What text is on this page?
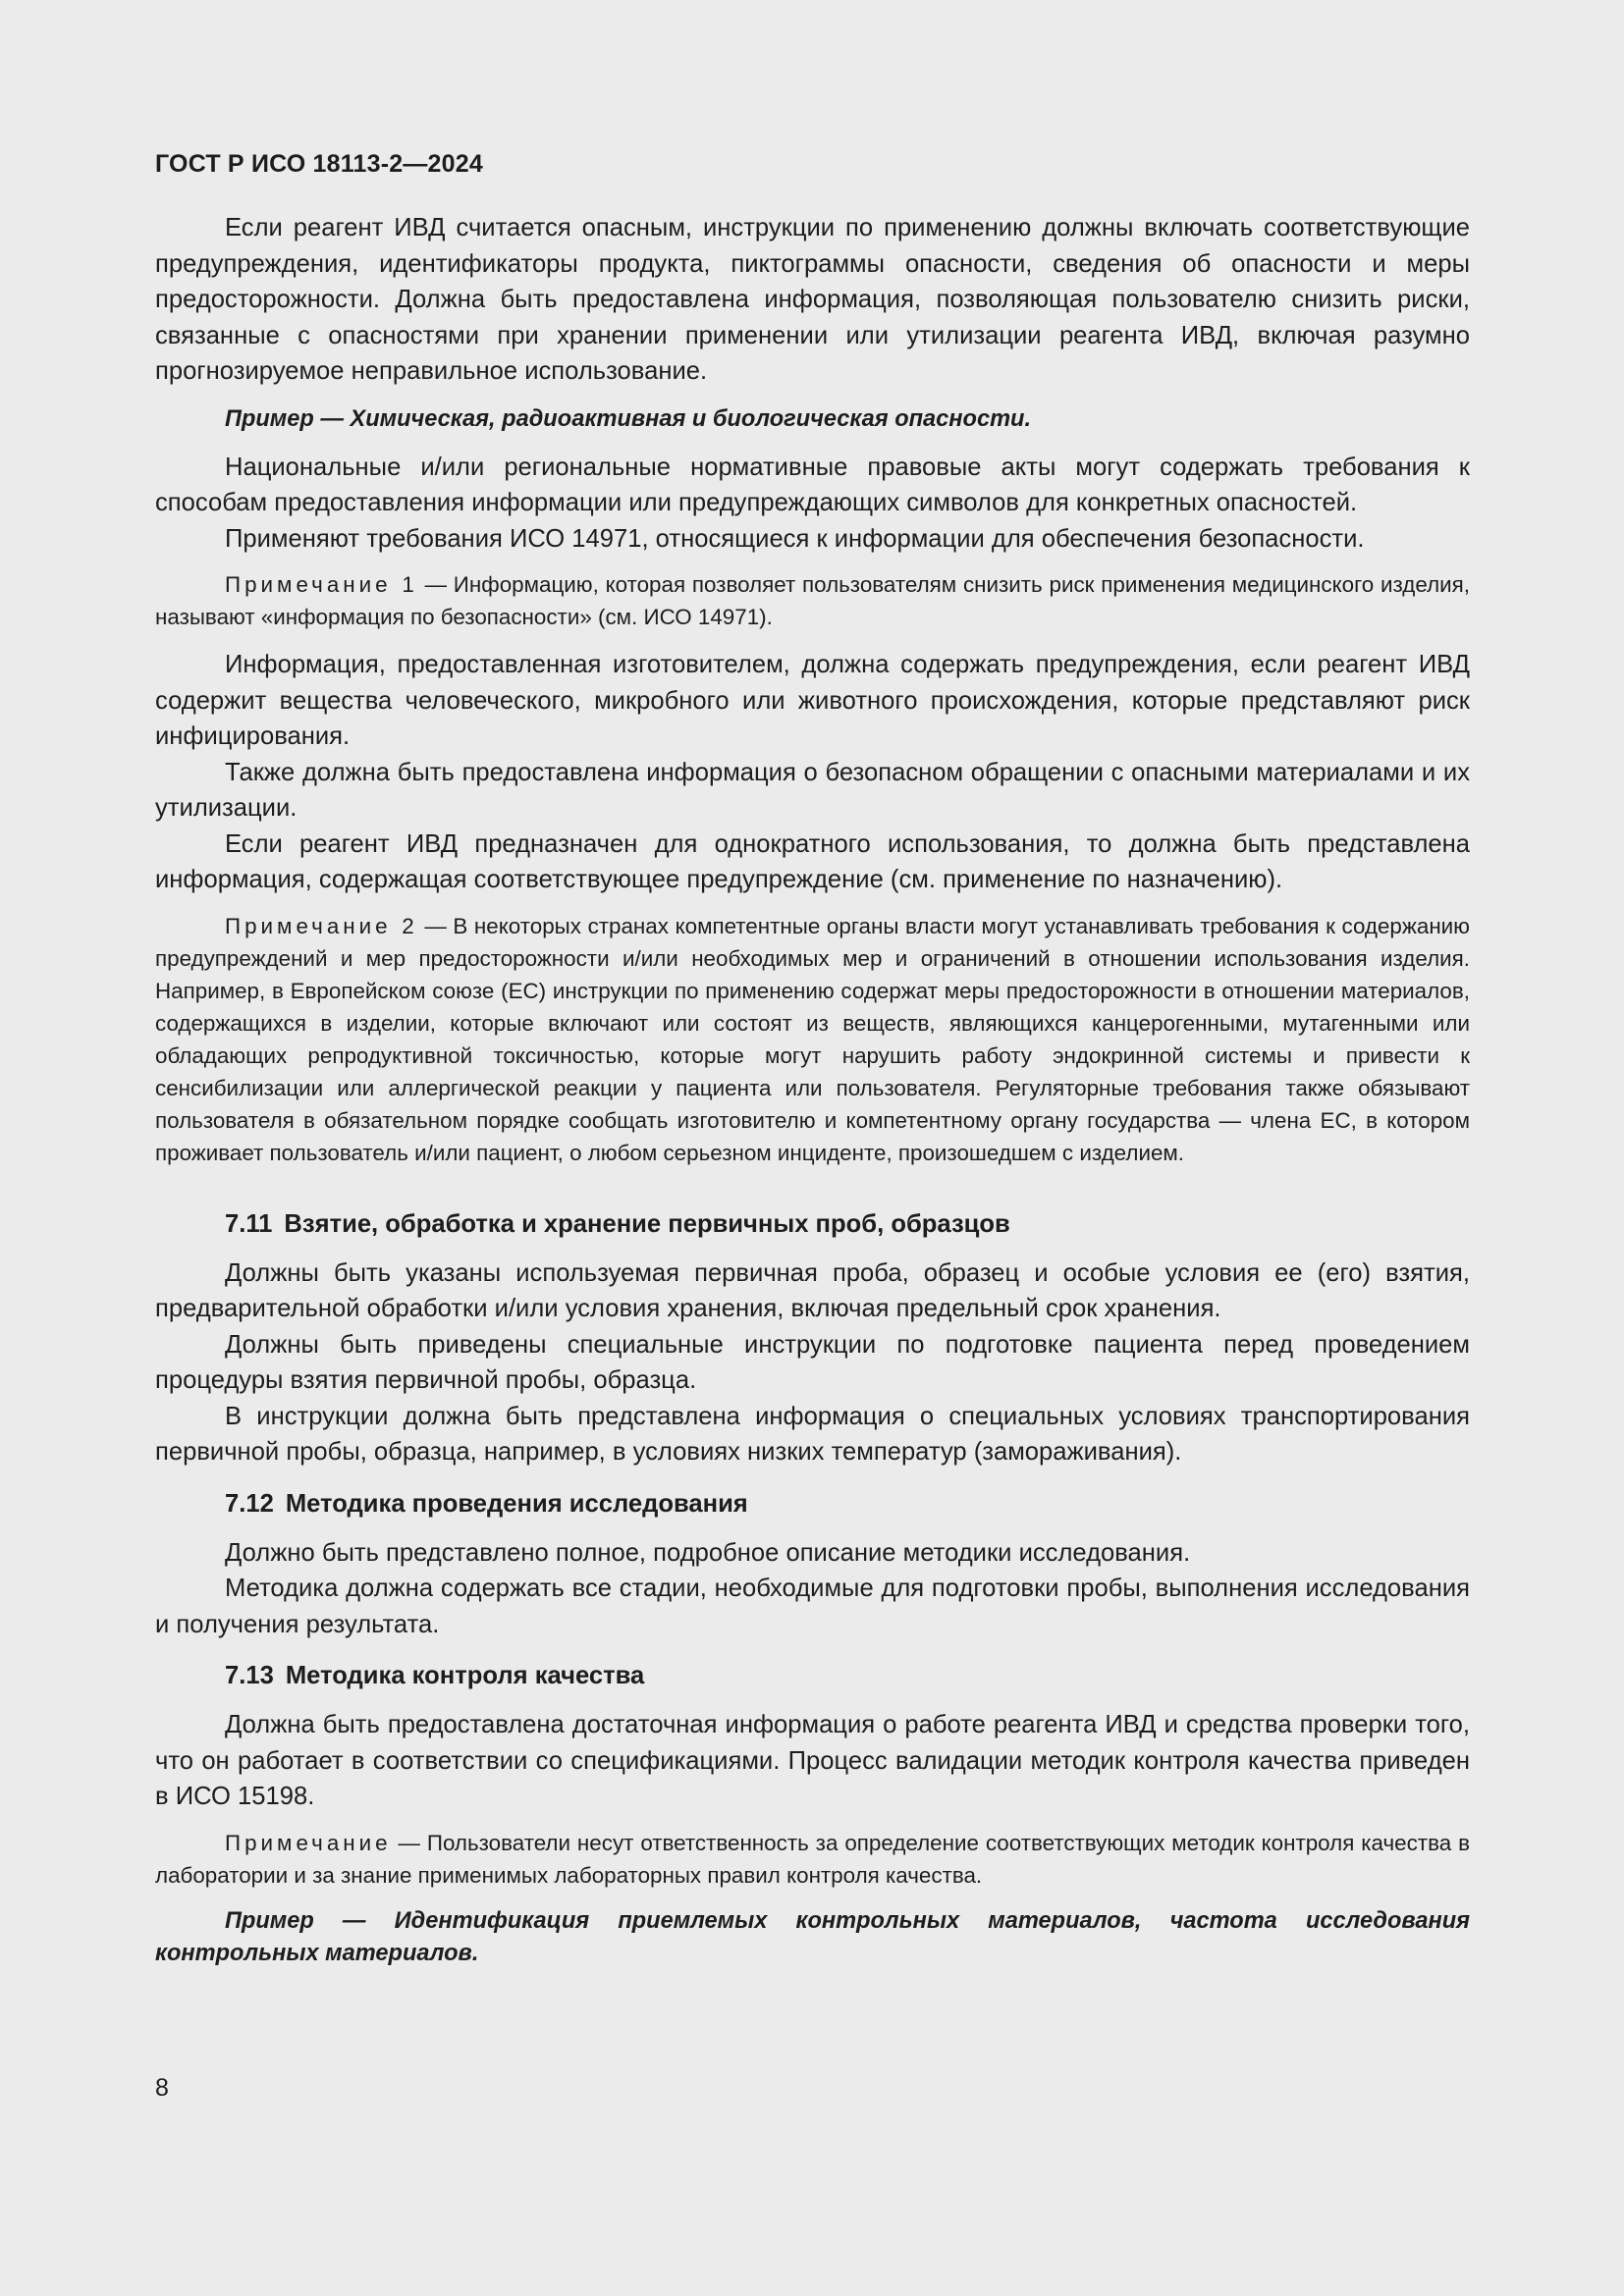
ГОСТ Р ИСО 18113-2—2024

Если реагент ИВД считается опасным, инструкции по применению должны включать соответствующие предупреждения, идентификаторы продукта, пиктограммы опасности, сведения об опасности и меры предосторожности. Должна быть предоставлена информация, позволяющая пользователю снизить риски, связанные с опасностями при хранении применении или утилизации реагента ИВД, включая разумно прогнозируемое неправильное использование.

Пример — Химическая, радиоактивная и биологическая опасности.

Национальные и/или региональные нормативные правовые акты могут содержать требования к способам предоставления информации или предупреждающих символов для конкретных опасностей.

Применяют требования ИСО 14971, относящиеся к информации для обеспечения безопасности.

Примечание 1 — Информацию, которая позволяет пользователям снизить риск применения медицинского изделия, называют «информация по безопасности» (см. ИСО 14971).

Информация, предоставленная изготовителем, должна содержать предупреждения, если реагент ИВД содержит вещества человеческого, микробного или животного происхождения, которые представляют риск инфицирования.

Также должна быть предоставлена информация о безопасном обращении с опасными материалами и их утилизации.

Если реагент ИВД предназначен для однократного использования, то должна быть представлена информация, содержащая соответствующее предупреждение (см. применение по назначению).

Примечание 2 — В некоторых странах компетентные органы власти могут устанавливать требования к содержанию предупреждений и мер предосторожности и/или необходимых мер и ограничений в отношении использования изделия. Например, в Европейском союзе (ЕС) инструкции по применению содержат меры предосторожности в отношении материалов, содержащихся в изделии, которые включают или состоят из веществ, являющихся канцерогенными, мутагенными или обладающих репродуктивной токсичностью, которые могут нарушить работу эндокринной системы и привести к сенсибилизации или аллергической реакции у пациента или пользователя. Регуляторные требования также обязывают пользователя в обязательном порядке сообщать изготовителю и компетентному органу государства — члена ЕС, в котором проживает пользователь и/или пациент, о любом серьезном инциденте, произошедшем с изделием.

7.11 Взятие, обработка и хранение первичных проб, образцов

Должны быть указаны используемая первичная проба, образец и особые условия ее (его) взятия, предварительной обработки и/или условия хранения, включая предельный срок хранения.

Должны быть приведены специальные инструкции по подготовке пациента перед проведением процедуры взятия первичной пробы, образца.

В инструкции должна быть представлена информация о специальных условиях транспортирования первичной пробы, образца, например, в условиях низких температур (замораживания).

7.12 Методика проведения исследования

Должно быть представлено полное, подробное описание методики исследования.

Методика должна содержать все стадии, необходимые для подготовки пробы, выполнения исследования и получения результата.

7.13 Методика контроля качества

Должна быть предоставлена достаточная информация о работе реагента ИВД и средства проверки того, что он работает в соответствии со спецификациями. Процесс валидации методик контроля качества приведен в ИСО 15198.

Примечание — Пользователи несут ответственность за определение соответствующих методик контроля качества в лаборатории и за знание применимых лабораторных правил контроля качества.

Пример — Идентификация приемлемых контрольных материалов, частота исследования контрольных материалов.

8
